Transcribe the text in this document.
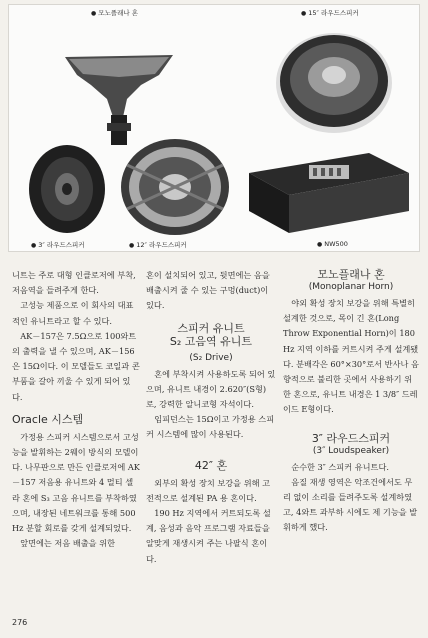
● 모노플래나 혼	● 15″ 라우드스피커
● 3″ 라우드스피커	● 12″ 라우드스피커	● NW500

니트는 주로 대형 인클로저에 부착, 저음역을 들려주게 한다.

고성능 제품으로 이 회사의 대표적인 유니트라고 할 수 있다.

AK－157은 7.5Ω으로 100와트의 출력을 낼 수 있으며, AK－156은 15Ω이다. 이 모델들도 코일과 콘 부품을 갈아 끼울 수 있게 되어 있다.

Oracle 시스템

가정용 스피커 시스템으로서 고성능을 발휘하는 2웨이 방식의 모델이다. 나무판으로 만든 인클로저에 AK－157 저음용 유니트와 4 멀티 셀라 혼에 S₃ 고음 유니트를 부착하였으며, 내장된 네트워크를 통해 500 Hz 분할 회로를 갖게 설계되었다.

앞면에는 저음 배출을 위한

혼이 설치되어 있고, 뒷면에는 음을 배출시켜 줄 수 있는 구멍(duct)이 있다.

스피커 유니트
S₂ 고음역 유니트
(S₂ Drive)

혼에 부착시켜 사용하도록 되어 있으며, 유니트 내경이 2.620″(S형)로, 강력한 알니코형 자석이다.

임피던스는 15Ω이고 가정용 스피커 시스템에 많이 사용된다.

42″ 혼

외부의 확성 장치 보강을 위해 고전적으로 설계된 PA 용 혼이다.

190 Hz 지역에서 커트되도록 설계, 음성과 음악 프로그램 자료들을 알맞게 재생시켜 주는 나팔식 혼이다.

모노플래나 혼
(Monoplanar Horn)

야외 확성 장치 보강을 위해 특별히 설계한 것으로, 목이 긴 혼(Long Throw Exponential Horn)이 180 Hz 지역 이하를 커트시켜 주게 설계됐다. 분배각은 60°×30°로서 반사나 음향적으로 불리한 곳에서 사용하기 위한 혼으로, 유니트 내경은 1 3/8″ 드레이드 E형이다.

3″ 라우드스피커
(3″ Loudspeaker)

순수한 3″ 스피커 유니트다.

음질 재생 영역은 악조건에서도 무리 없이 소리를 들려주도록 설계하였고, 4와트 과부하 시에도 제 기능을 발휘하게 했다.

276
